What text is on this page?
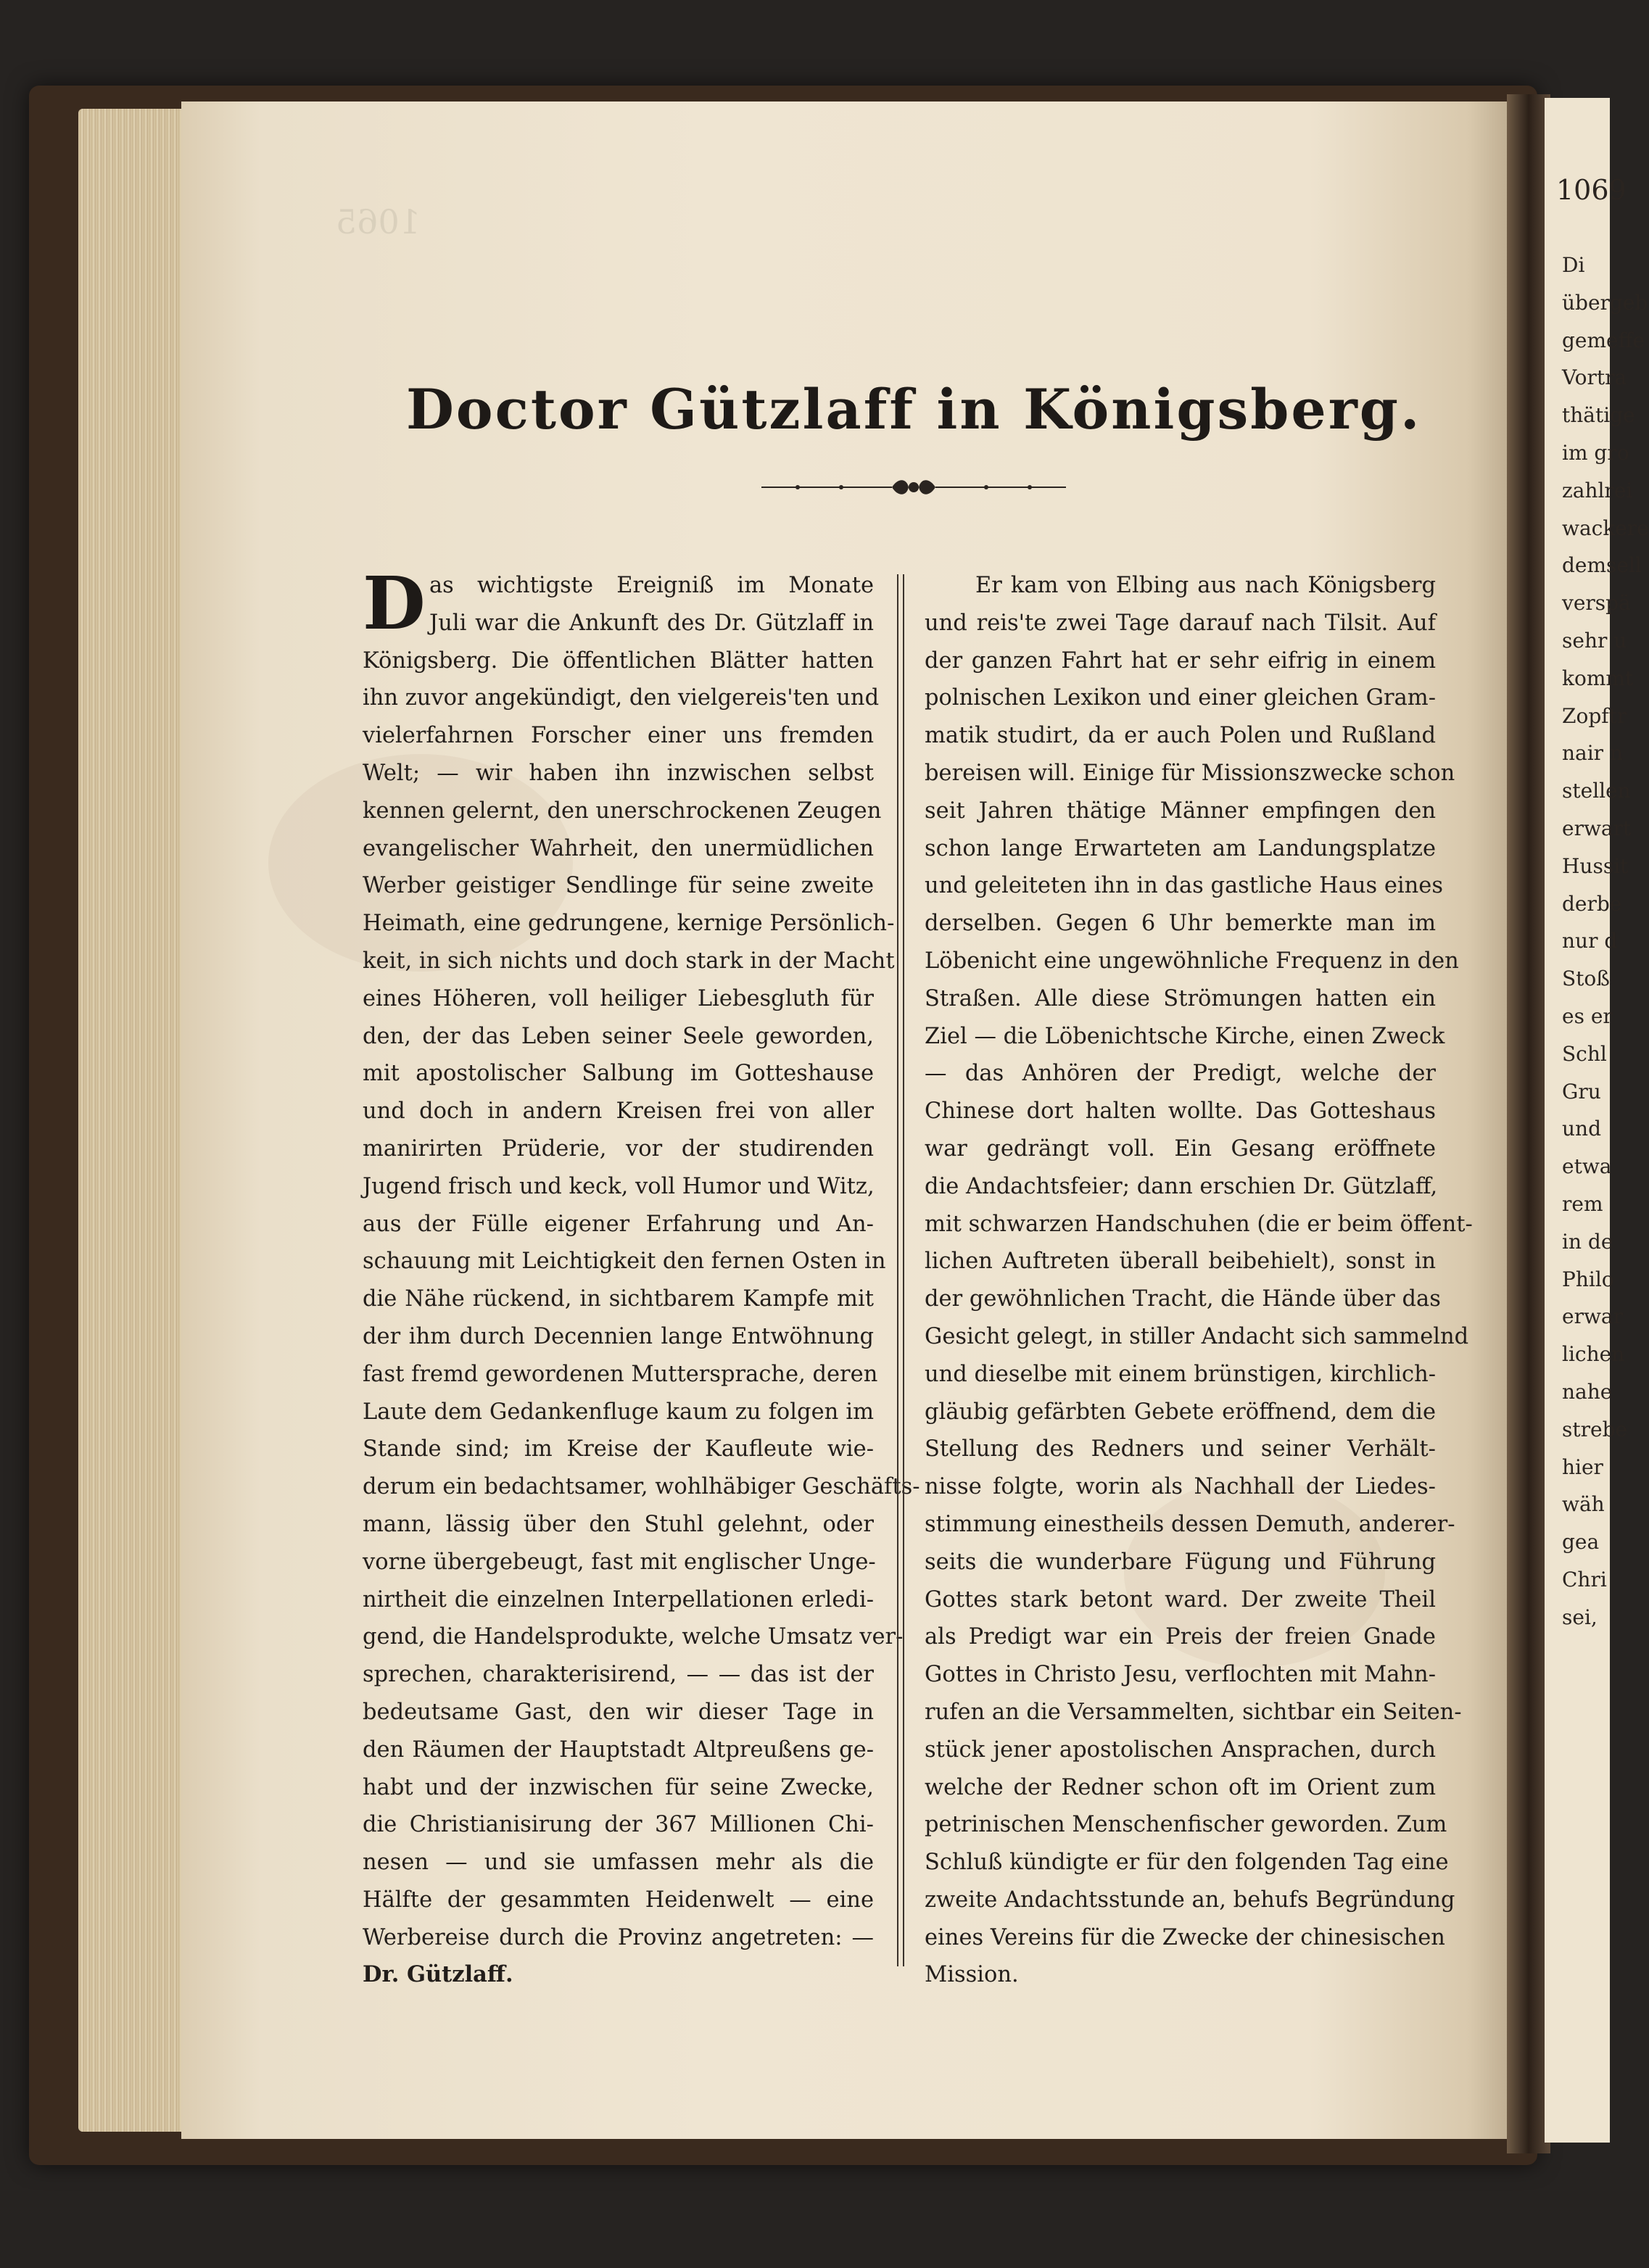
1065
Doctor Gützlaff in Königsberg.
D as wichtigste Ereigniß im Monate
Juli war die Ankunft des Dr. Gützlaff in
Königsberg. Die öffentlichen Blätter hatten
ihn zuvor angekündigt, den vielgereis'ten und
vielerfahrnen Forscher einer uns fremden
Welt; — wir haben ihn inzwischen selbst
kennen gelernt, den unerschrockenen Zeugen
evangelischer Wahrheit, den unermüdlichen
Werber geistiger Sendlinge für seine zweite
Heimath, eine gedrungene, kernige Persönlich-
keit, in sich nichts und doch stark in der Macht
eines Höheren, voll heiliger Liebesgluth für
den, der das Leben seiner Seele geworden,
mit apostolischer Salbung im Gotteshause
und doch in andern Kreisen frei von aller
manirirten Prüderie, vor der studirenden
Jugend frisch und keck, voll Humor und Witz,
aus der Fülle eigener Erfahrung und An-
schauung mit Leichtigkeit den fernen Osten in
die Nähe rückend, in sichtbarem Kampfe mit
der ihm durch Decennien lange Entwöhnung
fast fremd gewordenen Muttersprache, deren
Laute dem Gedankenfluge kaum zu folgen im
Stande sind; im Kreise der Kaufleute wie-
derum ein bedachtsamer, wohlhäbiger Geschäfts-
mann, lässig über den Stuhl gelehnt, oder
vorne übergebeugt, fast mit englischer Unge-
nirtheit die einzelnen Interpellationen erledi-
gend, die Handelsprodukte, welche Umsatz ver-
sprechen, charakterisirend, — — das ist der
bedeutsame Gast, den wir dieser Tage in
den Räumen der Hauptstadt Altpreußens ge-
habt und der inzwischen für seine Zwecke,
die Christianisirung der 367 Millionen Chi-
nesen — und sie umfassen mehr als die
Hälfte der gesammten Heidenwelt — eine
Werbereise durch die Provinz angetreten: —
Dr. Gützlaff.
Er kam von Elbing aus nach Königsberg
und reis'te zwei Tage darauf nach Tilsit. Auf
der ganzen Fahrt hat er sehr eifrig in einem
polnischen Lexikon und einer gleichen Gram-
matik studirt, da er auch Polen und Rußland
bereisen will. Einige für Missionszwecke schon
seit Jahren thätige Männer empfingen den
schon lange Erwarteten am Landungsplatze
und geleiteten ihn in das gastliche Haus eines
derselben. Gegen 6 Uhr bemerkte man im
Löbenicht eine ungewöhnliche Frequenz in den
Straßen. Alle diese Strömungen hatten ein
Ziel — die Löbenichtsche Kirche, einen Zweck
— das Anhören der Predigt, welche der
Chinese dort halten wollte. Das Gotteshaus
war gedrängt voll. Ein Gesang eröffnete
die Andachtsfeier; dann erschien Dr. Gützlaff,
mit schwarzen Handschuhen (die er beim öffent-
lichen Auftreten überall beibehielt), sonst in
der gewöhnlichen Tracht, die Hände über das
Gesicht gelegt, in stiller Andacht sich sammelnd
und dieselbe mit einem brünstigen, kirchlich-
gläubig gefärbten Gebete eröffnend, dem die
Stellung des Redners und seiner Verhält-
nisse folgte, worin als Nachhall der Liedes-
stimmung einestheils dessen Demuth, anderer-
seits die wunderbare Fügung und Führung
Gottes stark betont ward. Der zweite Theil
als Predigt war ein Preis der freien Gnade
Gottes in Christo Jesu, verflochten mit Mahn-
rufen an die Versammelten, sichtbar ein Seiten-
stück jener apostolischen Ansprachen, durch
welche der Redner schon oft im Orient zum
petrinischen Menschenfischer geworden. Zum
Schluß kündigte er für den folgenden Tag eine
zweite Andachtsstunde an, behufs Begründung
eines Vereins für die Zwecke der chinesischen
Mission.
1069
Di
übergeb
gemeffe
Vortra
thätige
im gro
zahlrei
wackere
demsell
verspä
sehr u
kommt
Zopftr
nair n
stellen
erwart
Hussit
derbe
nur d
Stoß
es er
Schl
Gru
und
etwa
rem
in de
Philo
erwar
lichen
nahe
strebe
hier
wäh
gea
Chri
sei,
